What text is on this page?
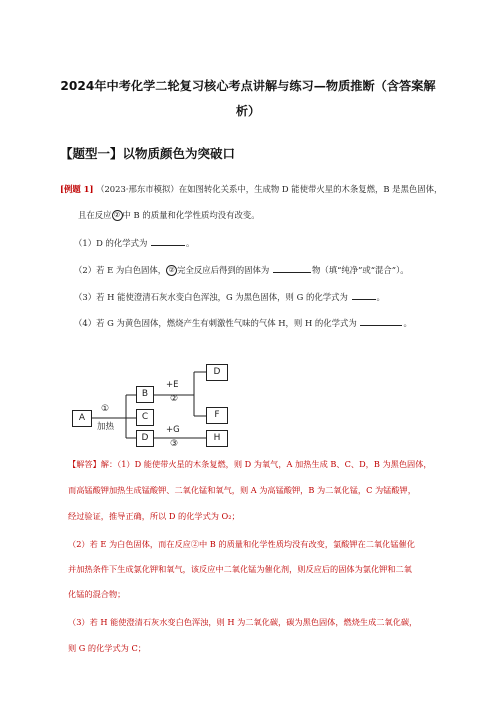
2024年中考化学二轮复习核心考点讲解与练习—物质推断（含答案解
析）
【题型一】以物质颜色为突破口
[例题 1] （2023·邢东市模拟）在如图转化关系中，生成物 D 能使带火星的木条复燃，B 是黑色固体，
且在反应 ② 中 B 的质量和化学性质均没有改变。
（1）D 的化学式为	。
（2）若 E 为白色固体， ② 完全反应后得到的固体为	物（填“纯净”或“混合”）。
（3）若 H 能使澄清石灰水变白色浑浊，G 为黑色固体，则 G 的化学式为	。
（4）若 G 为黄色固体，燃烧产生有刺激性气味的气体 H，则 H 的化学式为	。
A
①
加热
B
C
D
+E
②
+G
③
D
F
H
【解答】解：（1）D 能使带火星的木条复燃，则 D 为氧气，A 加热生成 B、C、D，B 为黑色固体，
而高锰酸钾加热生成锰酸钾、二氧化锰和氧气，则 A 为高锰酸钾，B 为二氧化锰，C 为锰酸钾，
经过验证，推导正确，所以 D 的化学式为 O₂；
（2）若 E 为白色固体，而在反应②中 B 的质量和化学性质均没有改变，氯酸钾在二氧化锰催化
并加热条件下生成氯化钾和氧气，该反应中二氧化锰为催化剂，则反应后的固体为氯化钾和二氧
化锰的混合物；
（3）若 H 能使澄清石灰水变白色浑浊，则 H 为二氧化碳，碳为黑色固体，燃烧生成二氧化碳，
则 G 的化学式为 C；
